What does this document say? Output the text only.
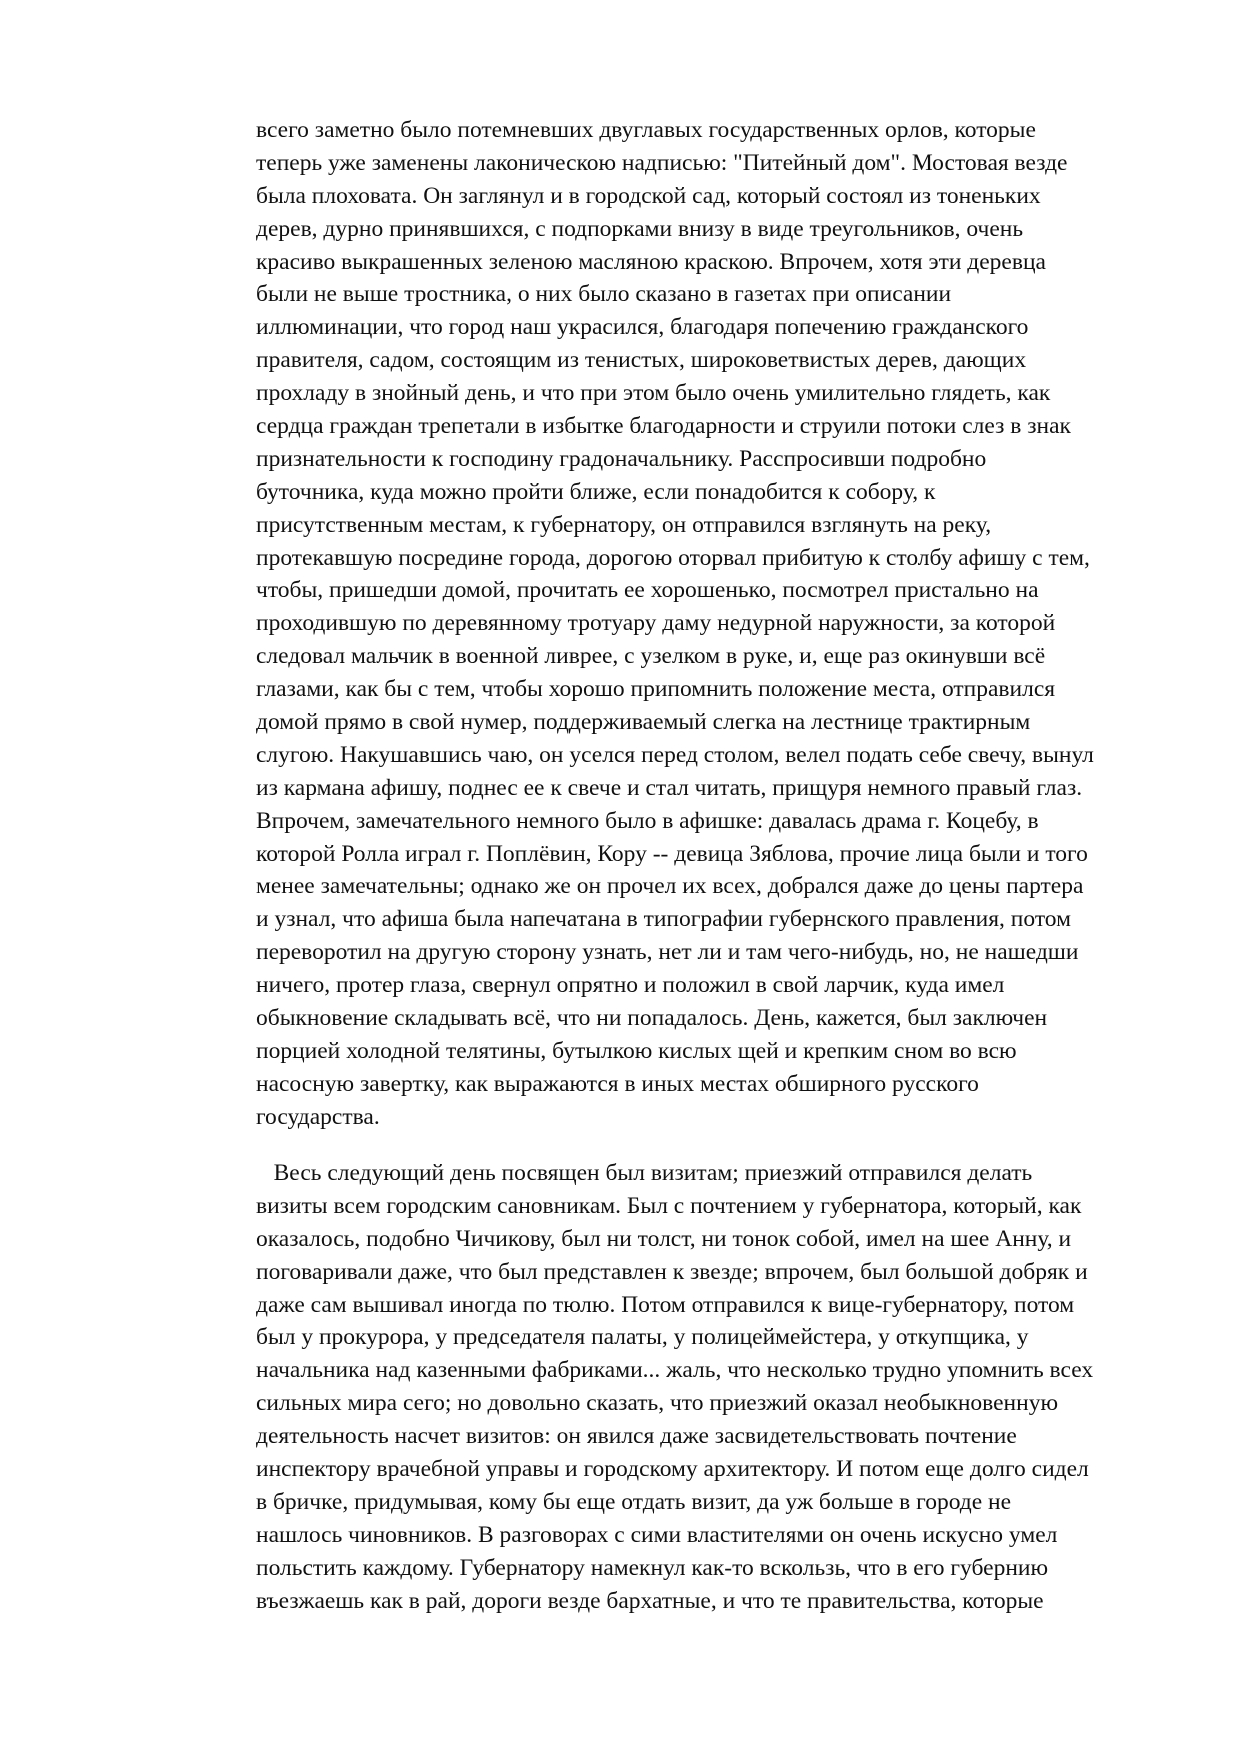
всего заметно было потемневших двуглавых государственных орлов, которые
теперь уже заменены лаконическою надписью: "Питейный дом". Мостовая везде
была плоховата. Он заглянул и в городской сад, который состоял из тоненьких
дерев, дурно принявшихся, с подпорками внизу в виде треугольников, очень
красиво выкрашенных зеленою масляною краскою. Впрочем, хотя эти деревца
были не выше тростника, о них было сказано в газетах при описании
иллюминации, что город наш украсился, благодаря попечению гражданского
правителя, садом, состоящим из тенистых, широковетвистых дерев, дающих
прохладу в знойный день, и что при этом было очень умилительно глядеть, как
сердца граждан трепетали в избытке благодарности и струили потоки слез в знак
признательности к господину градоначальнику. Расспросивши подробно
буточника, куда можно пройти ближе, если понадобится к собору, к
присутственным местам, к губернатору, он отправился взглянуть на реку,
протекавшую посредине города, дорогою оторвал прибитую к столбу афишу с тем,
чтобы, пришедши домой, прочитать ее хорошенько, посмотрел пристально на
проходившую по деревянному тротуару даму недурной наружности, за которой
следовал мальчик в военной ливрее, с узелком в руке, и, еще раз окинувши всё
глазами, как бы с тем, чтобы хорошо припомнить положение места, отправился
домой прямо в свой нумер, поддерживаемый слегка на лестнице трактирным
слугою. Накушавшись чаю, он уселся перед столом, велел подать себе свечу, вынул
из кармана афишу, поднес ее к свече и стал читать, прищуря немного правый глаз.
Впрочем, замечательного немного было в афишке: давалась драма г. Коцебу, в
которой Ролла играл г. Поплёвин, Кору -- девица Зяблова, прочие лица были и того
менее замечательны; однако же он прочел их всех, добрался даже до цены партера
и узнал, что афиша была напечатана в типографии губернского правления, потом
переворотил на другую сторону узнать, нет ли и там чего-нибудь, но, не нашедши
ничего, протер глаза, свернул опрятно и положил в свой ларчик, куда имел
обыкновение складывать всё, что ни попадалось. День, кажется, был заключен
порцией холодной телятины, бутылкою кислых щей и крепким сном во всю
насосную завертку, как выражаются в иных местах обширного русского
государства.
Весь следующий день посвящен был визитам; приезжий отправился делать
визиты всем городским сановникам. Был с почтением у губернатора, который, как
оказалось, подобно Чичикову, был ни толст, ни тонок собой, имел на шее Анну, и
поговаривали даже, что был представлен к звезде; впрочем, был большой добряк и
даже сам вышивал иногда по тюлю. Потом отправился к вице-губернатору, потом
был у прокурора, у председателя палаты, у полицеймейстера, у откупщика, у
начальника над казенными фабриками... жаль, что несколько трудно упомнить всех
сильных мира сего; но довольно сказать, что приезжий оказал необыкновенную
деятельность насчет визитов: он явился даже засвидетельствовать почтение
инспектору врачебной управы и городскому архитектору. И потом еще долго сидел
в бричке, придумывая, кому бы еще отдать визит, да уж больше в городе не
нашлось чиновников. В разговорах с сими властителями он очень искусно умел
польстить каждому. Губернатору намекнул как-то вскользь, что в его губернию
въезжаешь как в рай, дороги везде бархатные, и что те правительства, которые
